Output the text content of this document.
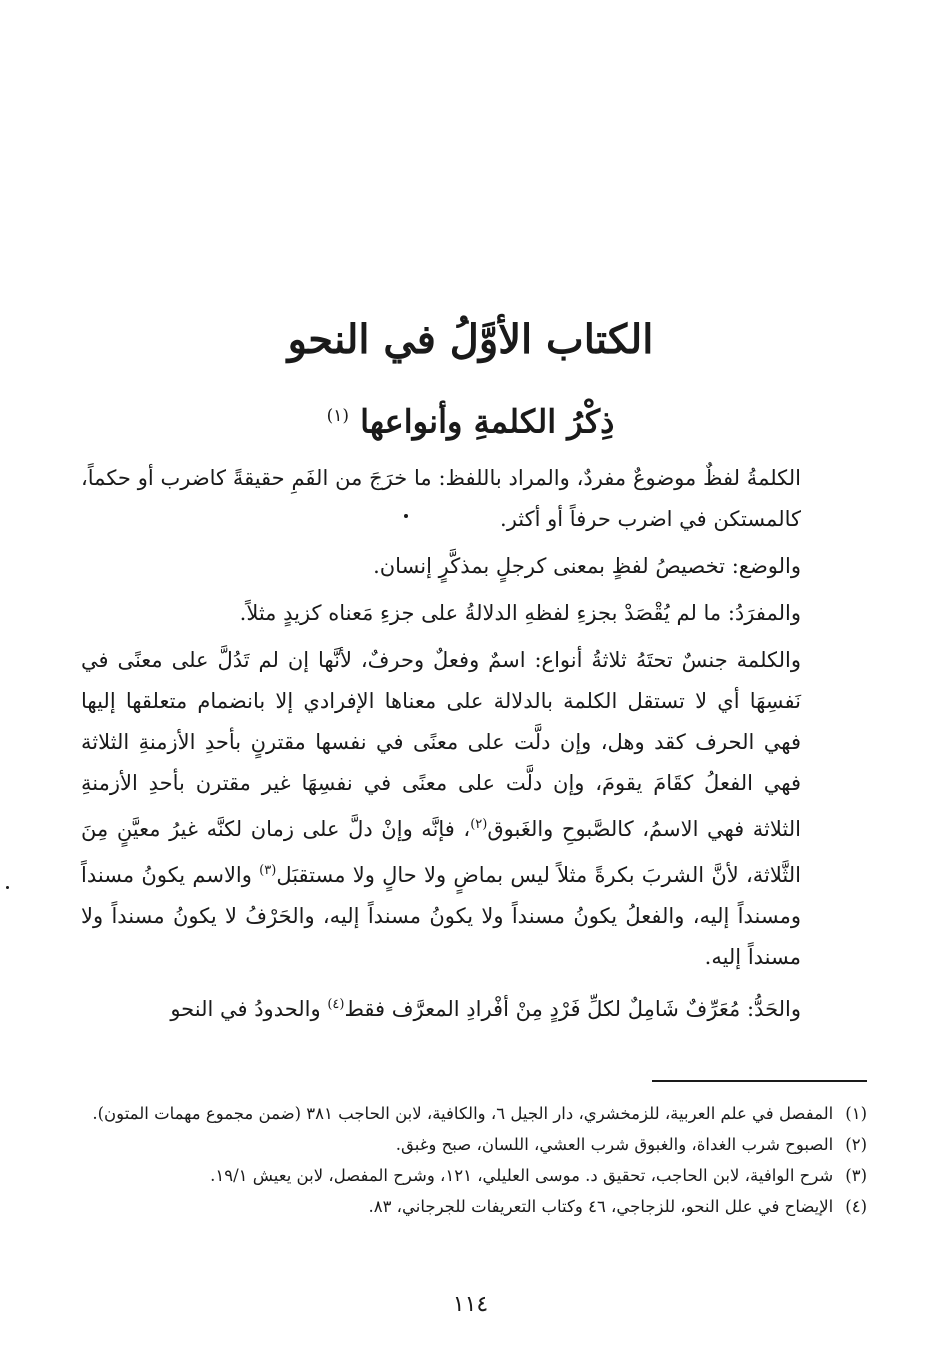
الكتاب الأوَّلُ في النحو
ذِكْرُ الكلمةِ وأنواعها $^{(١)}$

الكلمةُ لفظٌ موضوعٌ مفردٌ، والمراد باللفظ: ما خرَجَ من الفَمِ حقيقةً كاضرب أو حكماً، كالمستكن في اضرب حرفاً أو أكثر.

والوضع: تخصيصُ لفظٍ بمعنى كرجلٍ بمذكَّرٍ إنسان.

والمفرَدُ: ما لم يُقْصَدْ بجزءِ لفظهِ الدلالةُ على جزءِ مَعناه كزيدٍ مثلاً.

والكلمة جنسٌ تحتَهُ ثلاثةُ أنواع: اسمٌ وفعلٌ وحرفٌ، لأنَّها إن لم تَدُلَّ على معنًى في نَفسِهَا أي لا تستقل الكلمة بالدلالة على معناها الإفرادي إلا بانضمام متعلقها إليها فهي الحرف كقد وهل، وإن دلَّت على معنًى في نفسها مقترنٍ بأحدِ الأزمنةِ الثلاثة فهي الفعلُ كقَامَ يقومَ، وإن دلَّت على معنًى في نفسِهَا غير مقترن بأحدِ الأزمنةِ الثلاثة فهي الاسمُ، كالصَّبوحِ والغَبوق$^{(٢)}$، فإنَّه وإنْ دلَّ على زمان لكنَّه غيرُ معيَّنٍ مِنَ الثَّلاثة، لأنَّ الشربَ بكرةً مثلاً ليس بماضٍ ولا حالٍ ولا مستقبَل$^{(٣)}$ والاسم يكونُ مسنداً ومسنداً إليه، والفعلُ يكونُ مسنداً ولا يكونُ مسنداً إليه، والحَرْفُ لا يكونُ مسنداً ولا مسنداً إليه.

والحَدُّ: مُعَرِّفٌ شَامِلٌ لكلِّ فَرْدٍ مِنْ أفْرادِ المعرَّف فقط$^{(٤)}$ والحدودُ في النحو

(١)المفصل في علم العربية، للزمخشري، دار الجيل ٦، والكافية، لابن الحاجب ٣٨١ (ضمن مجموع مهمات المتون).

(٢)الصبوح شرب الغداة، والغبوق شرب العشي، اللسان، صبح وغبق.

(٣)شرح الوافية، لابن الحاجب، تحقيق د. موسى العليلي، ١٢١، وشرح المفصل، لابن يعيش ١٩/١.

(٤)الإيضاح في علل النحو، للزجاجي، ٤٦ وكتاب التعريفات للجرجاني، ٨٣.

١١٤
